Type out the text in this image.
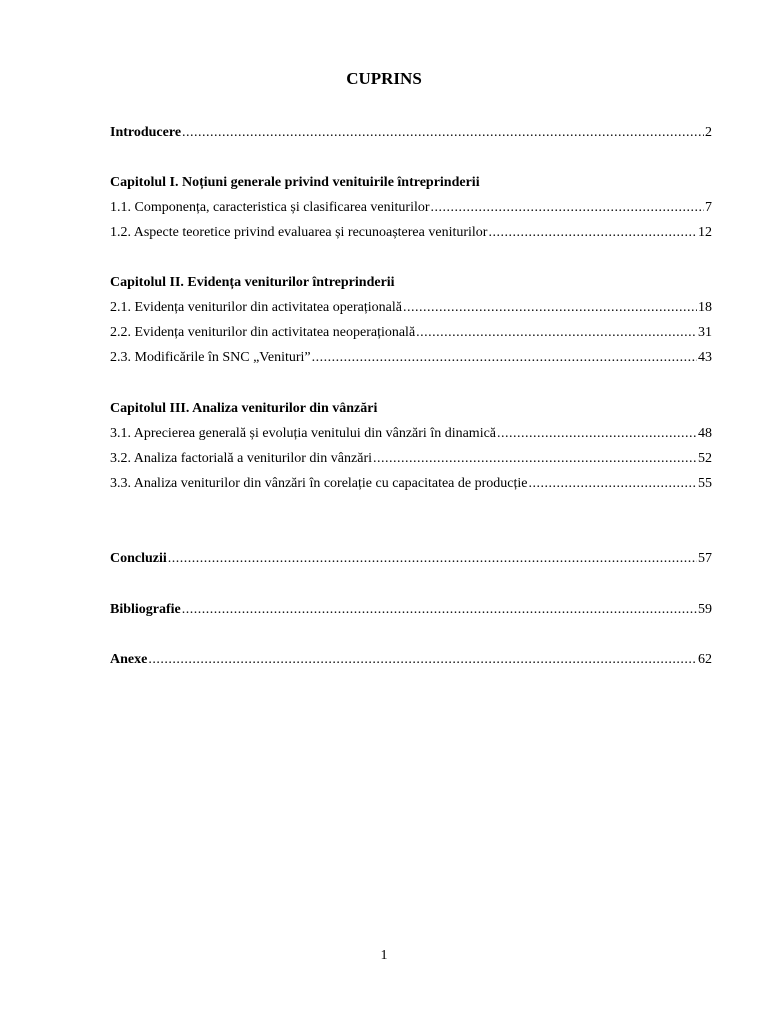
CUPRINS
Introducere .....	2
Capitolul I. Noțiuni generale privind venituirile întreprinderii
1.1. Componența, caracteristica și clasificarea veniturilor .....	7
1.2. Aspecte teoretice privind evaluarea și recunoașterea veniturilor .....	12
Capitolul II. Evidența veniturilor întreprinderii
2.1. Evidența veniturilor din activitatea operațională .....	18
2.2. Evidența veniturilor din activitatea neoperațională .....	31
2.3. Modificările în SNC „Venituri” .....	43
Capitolul III. Analiza veniturilor din vânzări
3.1. Aprecierea generală și evoluția venitului din vânzări în dinamică .....	48
3.2. Analiza factorială a veniturilor din vânzări .....	52
3.3. Analiza veniturilor din vânzări în corelație cu capacitatea de producție .....	55
Concluzii .....	57
Bibliografie .....	59
Anexe .....	62
1
